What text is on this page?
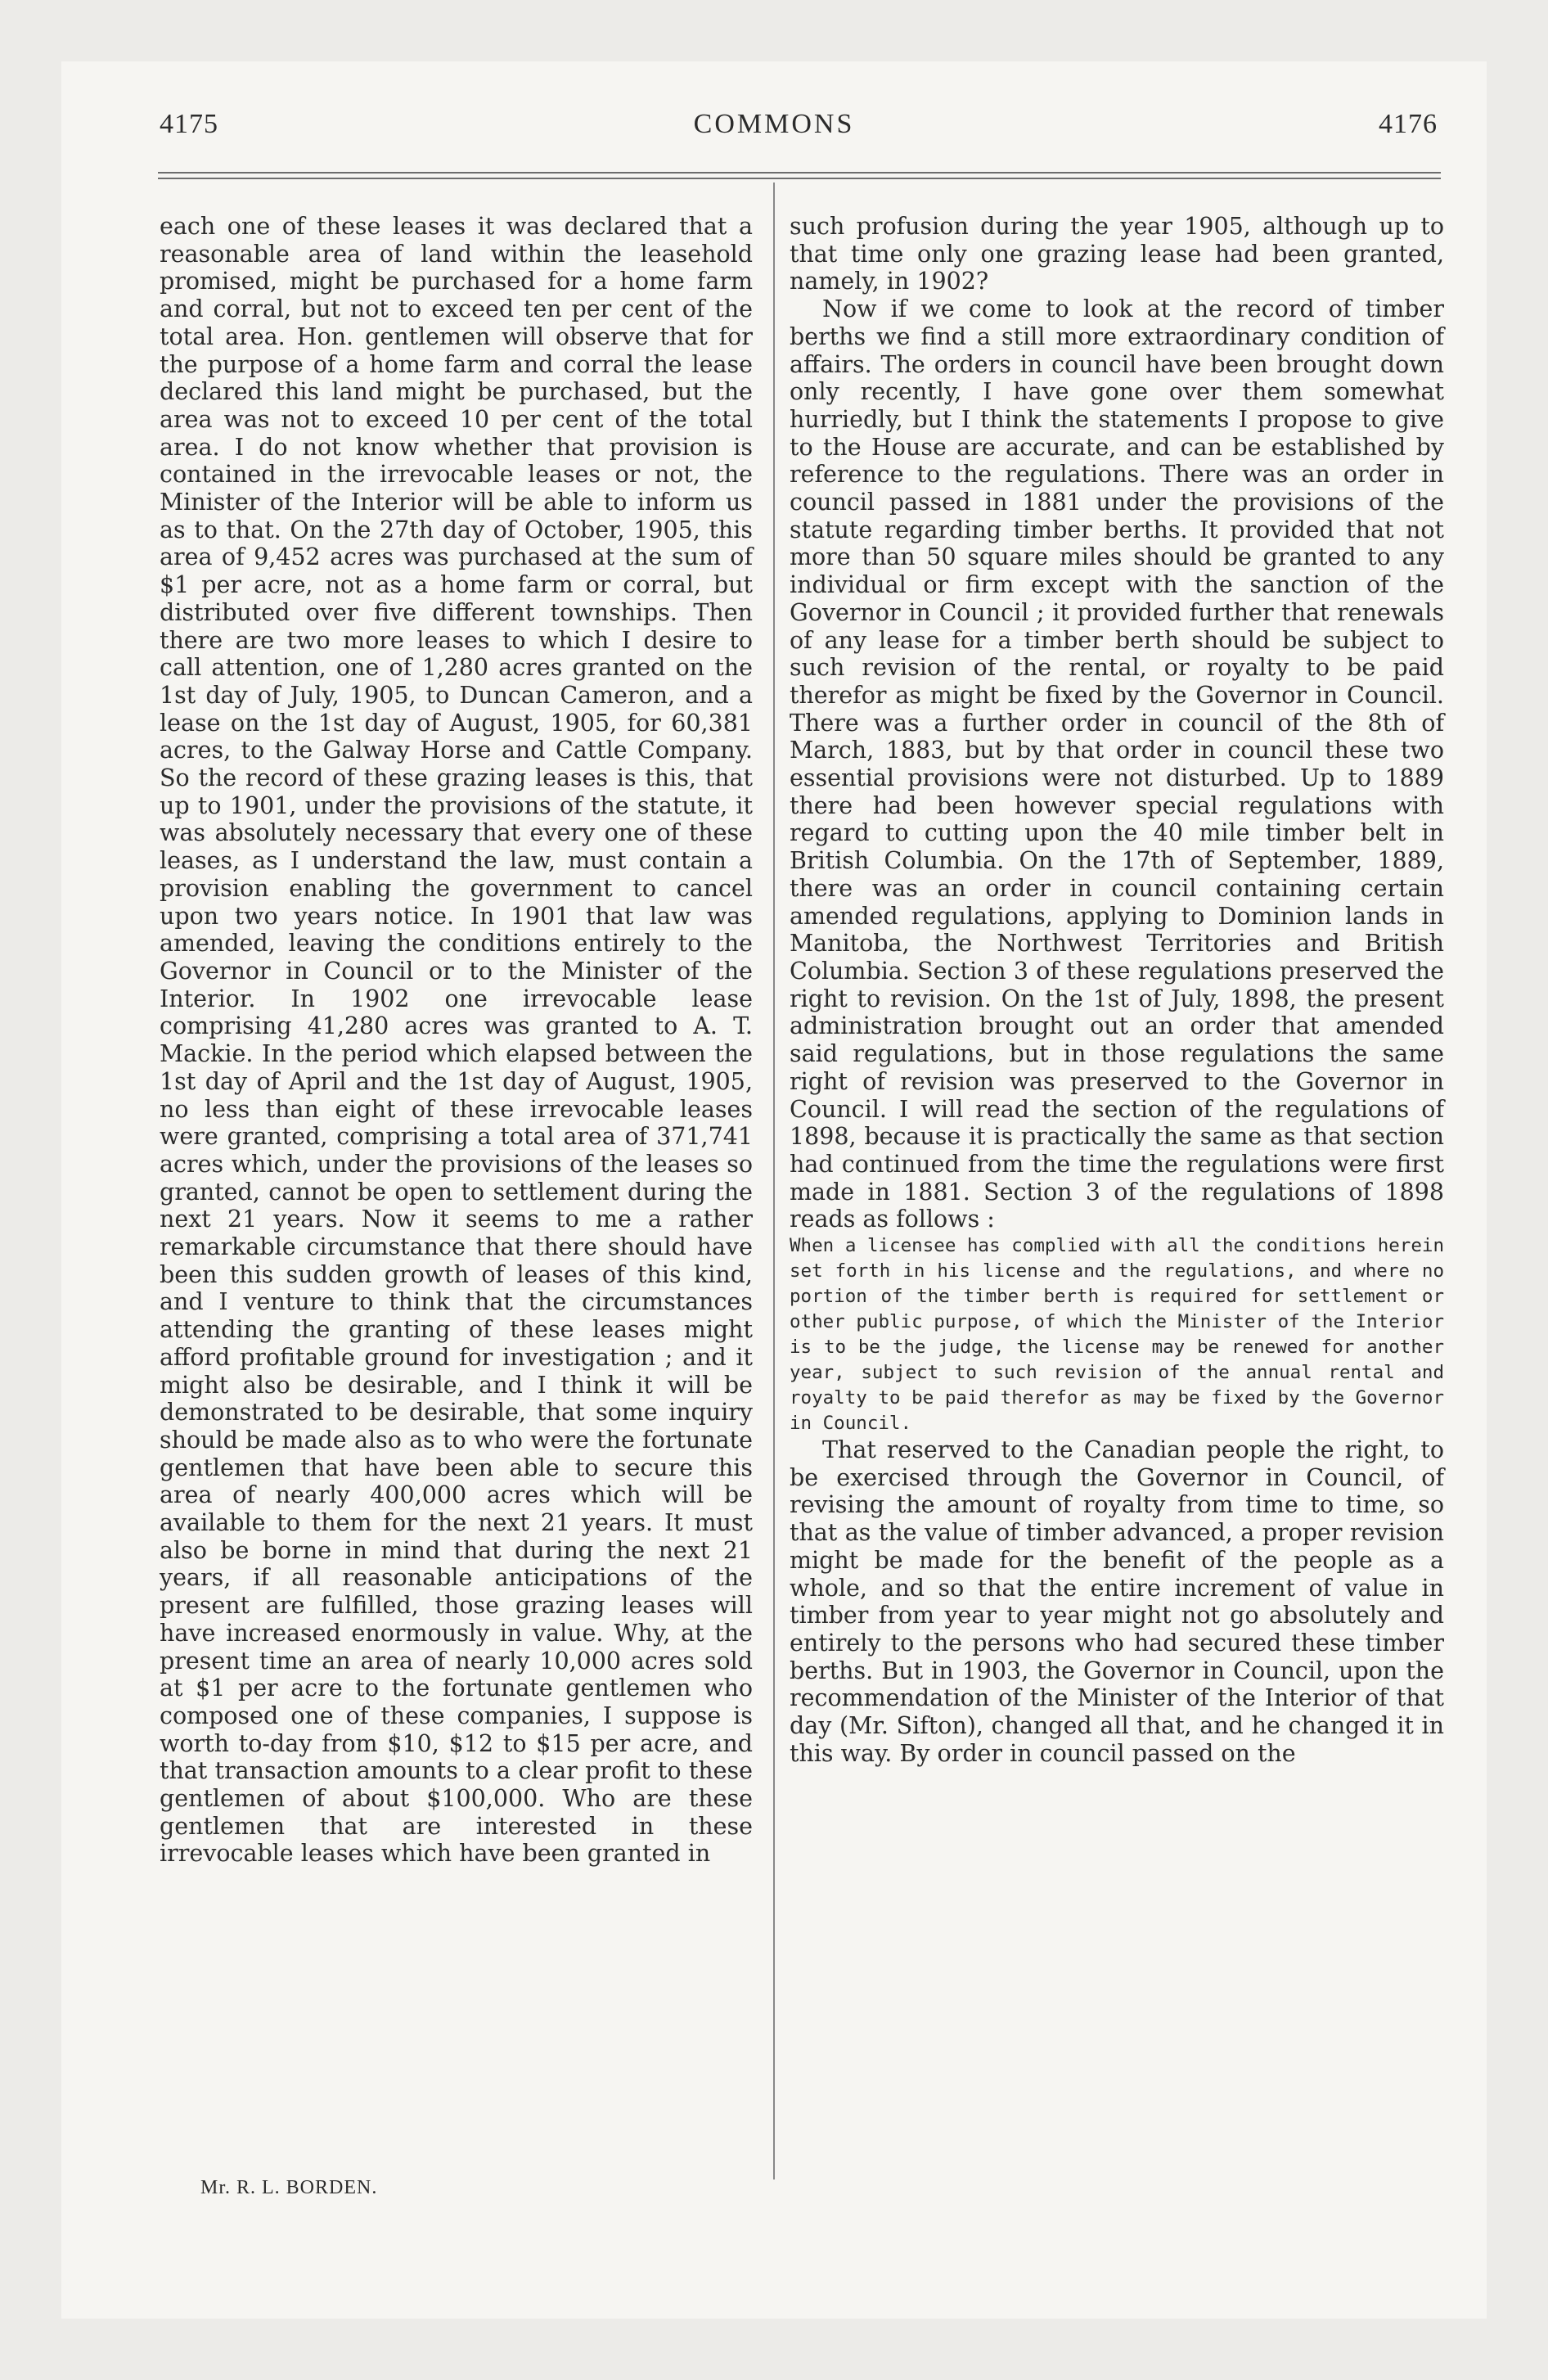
4175	COMMONS	4176

each one of these leases it was declared that a reasonable area of land within the leasehold promised, might be purchased for a home farm and corral, but not to exceed ten per cent of the total area. Hon. gentlemen will observe that for the purpose of a home farm and corral the lease declared this land might be purchased, but the area was not to exceed 10 per cent of the total area. I do not know whether that provision is contained in the irrevocable leases or not, the Minister of the Interior will be able to inform us as to that. On the 27th day of October, 1905, this area of 9,452 acres was purchased at the sum of $1 per acre, not as a home farm or corral, but distributed over five different townships. Then there are two more leases to which I desire to call attention, one of 1,280 acres granted on the 1st day of July, 1905, to Duncan Cameron, and a lease on the 1st day of August, 1905, for 60,381 acres, to the Galway Horse and Cattle Company. So the record of these grazing leases is this, that up to 1901, under the provisions of the statute, it was absolutely necessary that every one of these leases, as I understand the law, must contain a provision enabling the government to cancel upon two years notice. In 1901 that law was amended, leaving the conditions entirely to the Governor in Council or to the Minister of the Interior. In 1902 one irrevocable lease comprising 41,280 acres was granted to A. T. Mackie. In the period which elapsed between the 1st day of April and the 1st day of August, 1905, no less than eight of these irrevocable leases were granted, comprising a total area of 371,741 acres which, under the provisions of the leases so granted, cannot be open to settlement during the next 21 years. Now it seems to me a rather remarkable circumstance that there should have been this sudden growth of leases of this kind, and I venture to think that the circumstances attending the granting of these leases might afford profitable ground for investigation ; and it might also be desirable, and I think it will be demonstrated to be desirable, that some inquiry should be made also as to who were the fortunate gentlemen that have been able to secure this area of nearly 400,000 acres which will be available to them for the next 21 years. It must also be borne in mind that during the next 21 years, if all reasonable anticipations of the present are fulfilled, those grazing leases will have increased enormously in value. Why, at the present time an area of nearly 10,000 acres sold at $1 per acre to the fortunate gentlemen who composed one of these companies, I suppose is worth to-day from $10, $12 to $15 per acre, and that transaction amounts to a clear profit to these gentlemen of about $100,000. Who are these gentlemen that are interested in these irrevocable leases which have been granted in

such profusion during the year 1905, although up to that time only one grazing lease had been granted, namely, in 1902?

Now if we come to look at the record of timber berths we find a still more extraordinary condition of affairs. The orders in council have been brought down only recently, I have gone over them somewhat hurriedly, but I think the statements I propose to give to the House are accurate, and can be established by reference to the regulations. There was an order in council passed in 1881 under the provisions of the statute regarding timber berths. It provided that not more than 50 square miles should be granted to any individual or firm except with the sanction of the Governor in Council ; it provided further that renewals of any lease for a timber berth should be subject to such revision of the rental, or royalty to be paid therefor as might be fixed by the Governor in Council. There was a further order in council of the 8th of March, 1883, but by that order in council these two essential provisions were not disturbed. Up to 1889 there had been however special regulations with regard to cutting upon the 40 mile timber belt in British Columbia. On the 17th of September, 1889, there was an order in council containing certain amended regulations, applying to Dominion lands in Manitoba, the Northwest Territories and British Columbia. Section 3 of these regulations preserved the right to revision. On the 1st of July, 1898, the present administration brought out an order that amended said regulations, but in those regulations the same right of revision was preserved to the Governor in Council. I will read the section of the regulations of 1898, because it is practically the same as that section had continued from the time the regulations were first made in 1881. Section 3 of the regulations of 1898 reads as follows :

When a licensee has complied with all the conditions herein set forth in his license and the regulations, and where no portion of the timber berth is required for settlement or other public purpose, of which the Minister of the Interior is to be the judge, the license may be renewed for another year, subject to such revision of the annual rental and royalty to be paid therefor as may be fixed by the Governor in Council.

That reserved to the Canadian people the right, to be exercised through the Governor in Council, of revising the amount of royalty from time to time, so that as the value of timber advanced, a proper revision might be made for the benefit of the people as a whole, and so that the entire increment of value in timber from year to year might not go absolutely and entirely to the persons who had secured these timber berths. But in 1903, the Governor in Council, upon the recommendation of the Minister of the Interior of that day (Mr. Sifton), changed all that, and he changed it in this way. By order in council passed on the

Mr. R. L. BORDEN.
